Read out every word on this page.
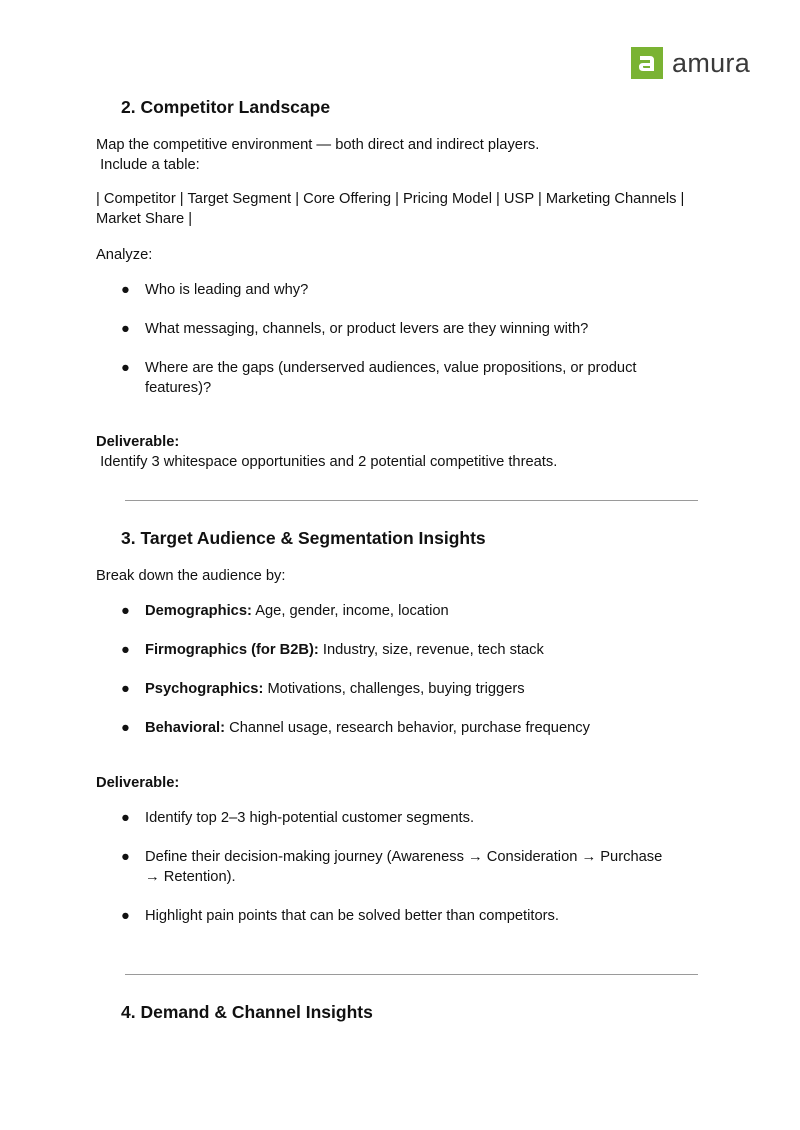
amura
2. Competitor Landscape

Map the competitive environment — both direct and indirect players.
Include a table:

| Competitor | Target Segment | Core Offering | Pricing Model | USP | Marketing Channels |
Market Share |

Analyze:

● Who is leading and why?
● What messaging, channels, or product levers are they winning with?
● Where are the gaps (underserved audiences, value propositions, or product features)?

Deliverable:
Identify 3 whitespace opportunities and 2 potential competitive threats.

3. Target Audience & Segmentation Insights

Break down the audience by:

● Demographics: Age, gender, income, location
● Firmographics (for B2B): Industry, size, revenue, tech stack
● Psychographics: Motivations, challenges, buying triggers
● Behavioral: Channel usage, research behavior, purchase frequency

Deliverable:

● Identify top 2–3 high-potential customer segments.
● Define their decision-making journey (Awareness → Consideration → Purchase → Retention).
● Highlight pain points that can be solved better than competitors.
4. Demand & Channel Insights
